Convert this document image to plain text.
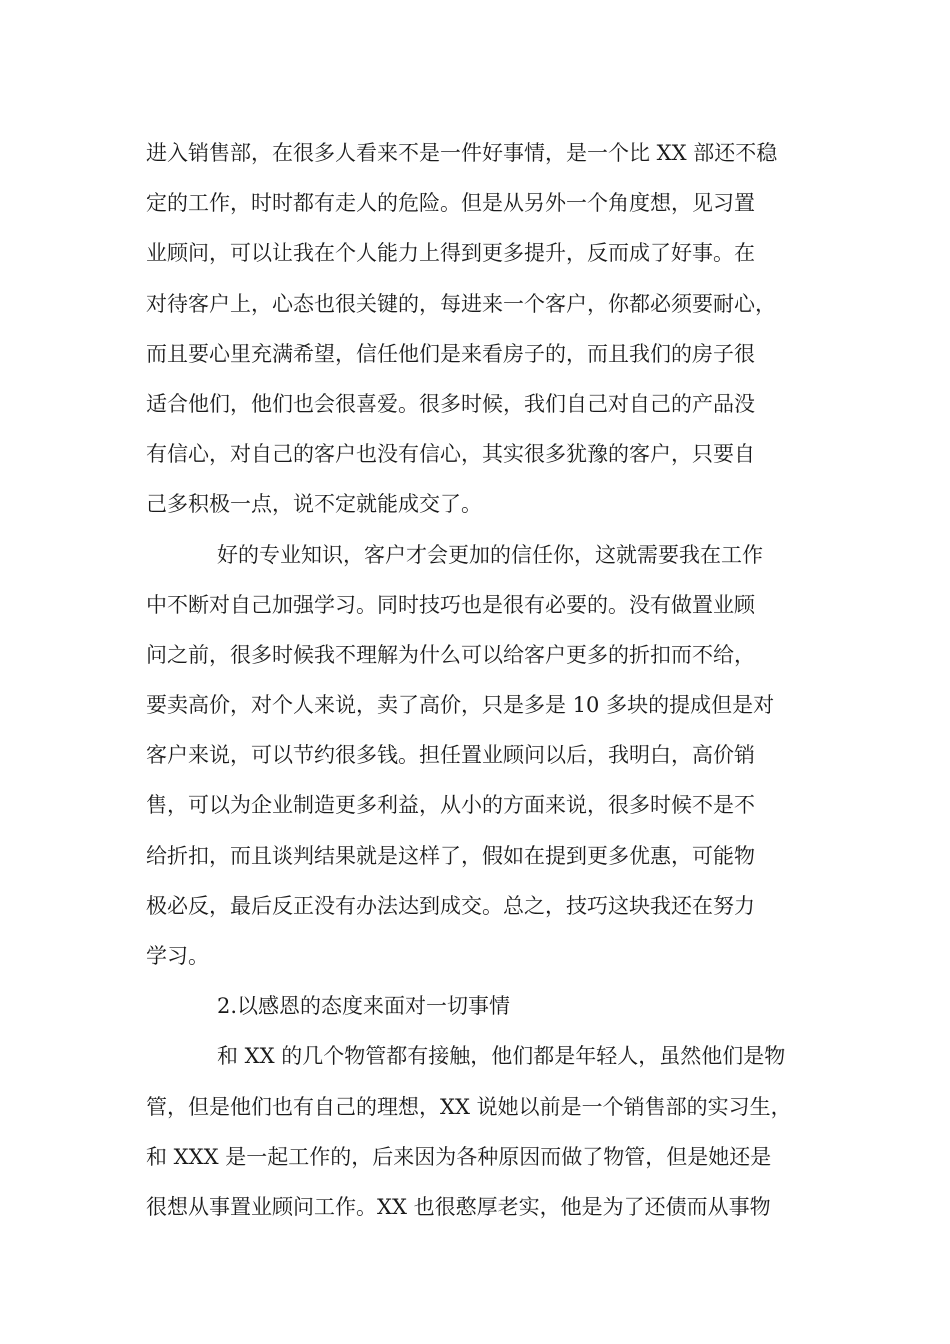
进入销售部，在很多人看来不是一件好事情，是一个比 XX 部还不稳
定的工作，时时都有走人的危险。但是从另外一个角度想，见习置
业顾问，可以让我在个人能力上得到更多提升，反而成了好事。在
对待客户上，心态也很关键的，每进来一个客户，你都必须要耐心，
而且要心里充满希望，信任他们是来看房子的，而且我们的房子很
适合他们，他们也会很喜爱。很多时候，我们自己对自己的产品没
有信心，对自己的客户也没有信心，其实很多犹豫的客户，只要自
己多积极一点，说不定就能成交了。
好的专业知识，客户才会更加的信任你，这就需要我在工作
中不断对自己加强学习。同时技巧也是很有必要的。没有做置业顾
问之前，很多时候我不理解为什么可以给客户更多的折扣而不给，
要卖高价，对个人来说，卖了高价，只是多是 10 多块的提成但是对
客户来说，可以节约很多钱。担任置业顾问以后，我明白，高价销
售，可以为企业制造更多利益，从小的方面来说，很多时候不是不
给折扣，而且谈判结果就是这样了，假如在提到更多优惠，可能物
极必反，最后反正没有办法达到成交。总之，技巧这块我还在努力
学习。
2.以感恩的态度来面对一切事情
和 XX 的几个物管都有接触，他们都是年轻人，虽然他们是物
管，但是他们也有自己的理想，XX 说她以前是一个销售部的实习生，
和 XXX 是一起工作的，后来因为各种原因而做了物管，但是她还是
很想从事置业顾问工作。XX 也很憨厚老实，他是为了还债而从事物
